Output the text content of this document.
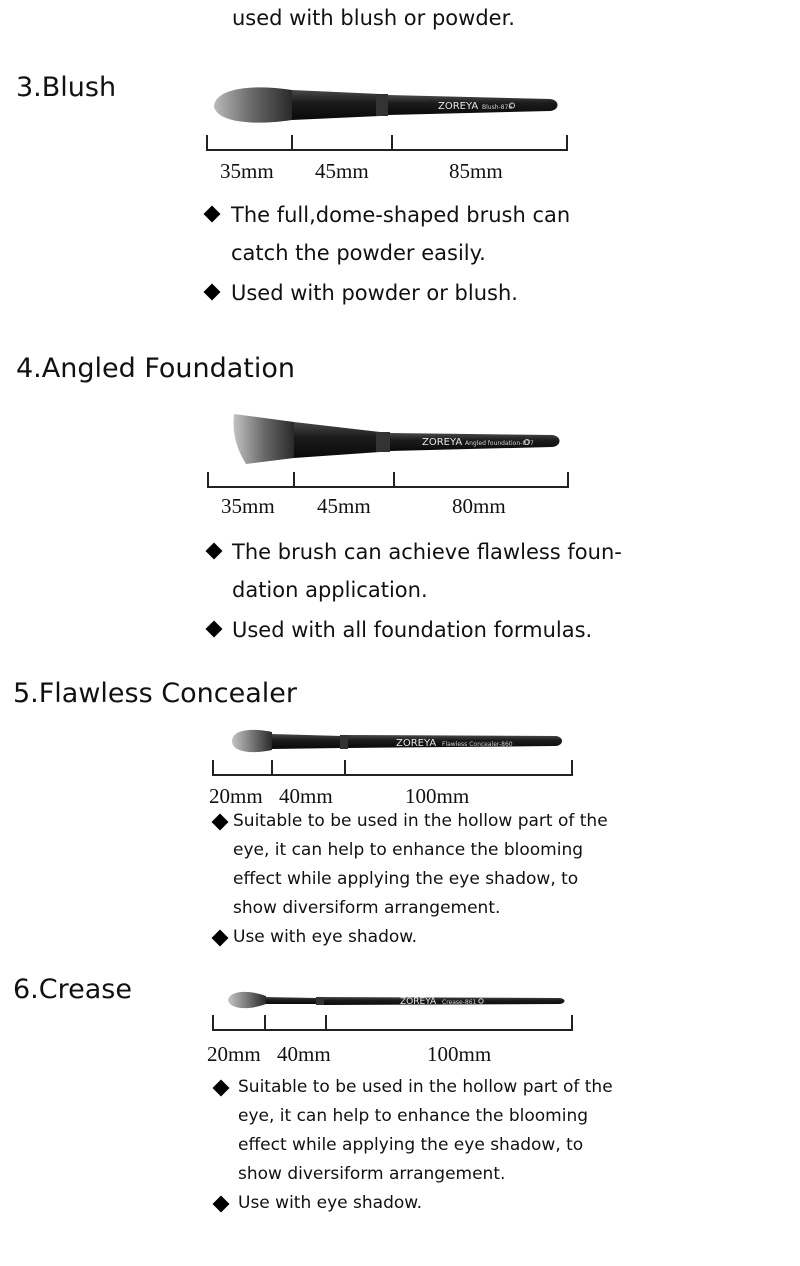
used with blush or powder.
3.Blush
ZOREYA Blush-876
35mm 45mm	85mm
The full,dome-shaped brush can
catch the powder easily.
Used with powder or blush.
4.Angled Foundation
ZOREYA Angled foundation-877
35mm 45mm	80mm
The brush can achieve flawless foun-
dation application.
Used with all foundation formulas.
5.Flawless Concealer
ZOREYA Flawless Concealer-860
20mm 40mm	100mm
Suitable to be used in the hollow part of the
eye, it can help to enhance the blooming
effect while applying the eye shadow, to
show diversiform arrangement.
Use with eye shadow.
6.Crease	ZOREYA Crease-861
20mm 40mm	100mm
Suitable to be used in the hollow part of the
eye, it can help to enhance the blooming
effect while applying the eye shadow, to
show diversiform arrangement.
Use with eye shadow.
